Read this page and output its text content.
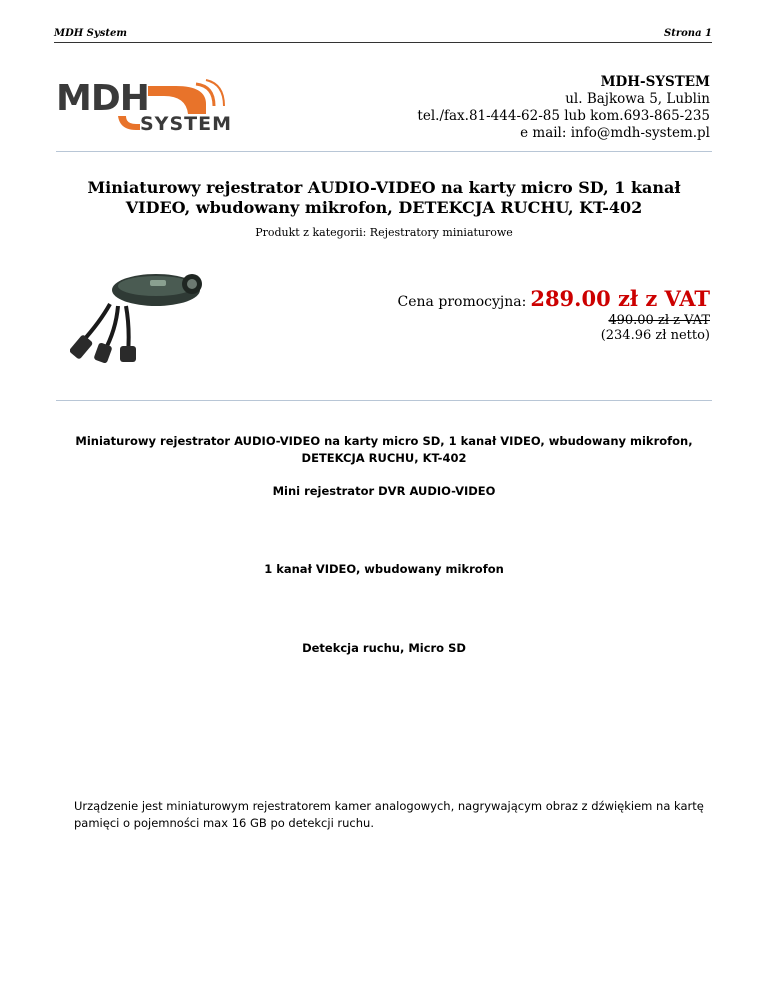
MDH System	Strona 1
MDH
SYSTEM
MDH-SYSTEM
ul. Bajkowa 5, Lublin
tel./fax.81-444-62-85 lub kom.693-865-235
e mail: info@mdh-system.pl
Miniaturowy rejestrator AUDIO-VIDEO na karty micro SD, 1 kanał VIDEO, wbudowany mikrofon, DETEKCJA RUCHU, KT-402
Produkt z kategorii: Rejestratory miniaturowe
Cena promocyjna: 289.00 zł z VAT
490.00 zł z VAT
(234.96 zł netto)
Miniaturowy rejestrator AUDIO-VIDEO na karty micro SD, 1 kanał VIDEO, wbudowany mikrofon, DETEKCJA RUCHU, KT-402
Mini rejestrator DVR AUDIO-VIDEO
1 kanał VIDEO, wbudowany mikrofon
Detekcja ruchu, Micro SD
Urządzenie jest miniaturowym rejestratorem kamer analogowych, nagrywającym obraz z dźwiękiem na kartę pamięci o pojemności max 16 GB po detekcji ruchu.
